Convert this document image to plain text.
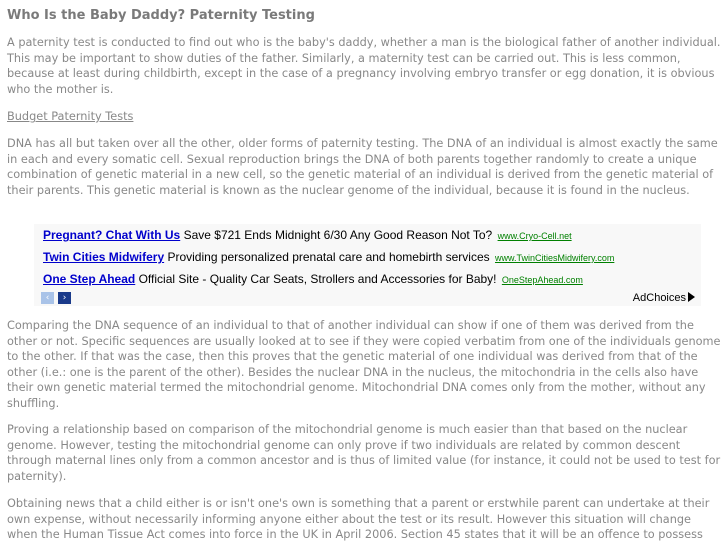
Who Is the Baby Daddy? Paternity Testing

A paternity test is conducted to find out who is the baby's daddy, whether a man is the biological father of another individual. This may be important to show duties of the father. Similarly, a maternity test can be carried out. This is less common, because at least during childbirth, except in the case of a pregnancy involving embryo transfer or egg donation, it is obvious who the mother is.

Budget Paternity Tests

DNA has all but taken over all the other, older forms of paternity testing. The DNA of an individual is almost exactly the same in each and every somatic cell. Sexual reproduction brings the DNA of both parents together randomly to create a unique combination of genetic material in a new cell, so the genetic material of an individual is derived from the genetic material of their parents. This genetic material is known as the nuclear genome of the individual, because it is found in the nucleus.

Pregnant? Chat With Us Save $721 Ends Midnight 6/30 Any Good Reason Not To? www.Cryo-Cell.net
Twin Cities Midwifery Providing personalized prenatal care and homebirth services www.TwinCitiesMidwifery.com
One Step Ahead Official Site - Quality Car Seats, Strollers and Accessories for Baby! OneStepAhead.com
‹	›	AdChoices

Comparing the DNA sequence of an individual to that of another individual can show if one of them was derived from the other or not. Specific sequences are usually looked at to see if they were copied verbatim from one of the individuals genome to the other. If that was the case, then this proves that the genetic material of one individual was derived from that of the other (i.e.: one is the parent of the other). Besides the nuclear DNA in the nucleus, the mitochondria in the cells also have their own genetic material termed the mitochondrial genome. Mitochondrial DNA comes only from the mother, without any shuffling.

Proving a relationship based on comparison of the mitochondrial genome is much easier than that based on the nuclear genome. However, testing the mitochondrial genome can only prove if two individuals are related by common descent through maternal lines only from a common ancestor and is thus of limited value (for instance, it could not be used to test for paternity).

Obtaining news that a child either is or isn't one's own is something that a parent or erstwhile parent can undertake at their own expense, without necessarily informing anyone either about the test or its result. However this situation will change when the Human Tissue Act comes into force in the UK in April 2006. Section 45 states that it will be an offence to possess
